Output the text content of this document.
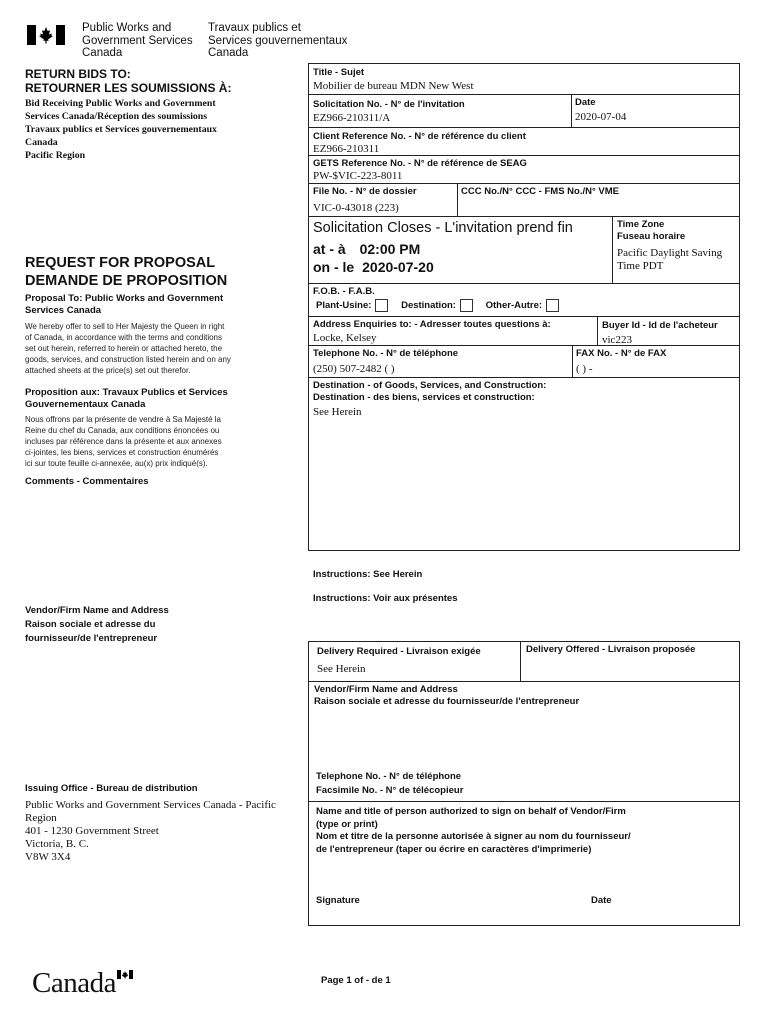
Public Works and
Government Services
Canada
Travaux publics et
Services gouvernementaux
Canada
RETURN BIDS TO:
RETOURNER LES SOUMISSIONS À:
Bid Receiving Public Works and Government
Services Canada/Réception des soumissions
Travaux publics et Services gouvernementaux
Canada
Pacific Region
REQUEST FOR PROPOSAL
DEMANDE DE PROPOSITION
Proposal To: Public Works and Government
Services Canada
We hereby offer to sell to Her Majesty the Queen in right
of Canada, in accordance with the terms and conditions
set out herein, referred to herein or attached hereto, the
goods, services, and construction listed herein and on any
attached sheets at the price(s) set out therefor.
Proposition aux: Travaux Publics et Services
Gouvernementaux Canada
Nous offrons par la présente de vendre à Sa Majesté la
Reine du chef du Canada, aux conditions énoncées ou
incluses par référence dans la présente et aux annexes
ci-jointes, les biens, services et construction énumérés
ici sur toute feuille ci-annexée, au(x) prix indiqué(s).
Comments - Commentaires
Vendor/Firm Name and Address
Raison sociale et adresse du
fournisseur/de l'entrepreneur
Issuing Office - Bureau de distribution
Public Works and Government Services Canada - Pacific
Region
401 - 1230 Government Street
Victoria, B. C.
V8W 3X4
Title - Sujet
Mobilier de bureau MDN New West
Solicitation No. - N° de l'invitation
EZ966-210311/A
Date
2020-07-04
Client Reference No. - N° de référence du client
EZ966-210311
GETS Reference No. - N° de référence de SEAG
PW-$VIC-223-8011
File No. - N° de dossier
VIC-0-43018 (223)
CCC No./N° CCC - FMS No./N° VME
Solicitation Closes - L'invitation prend fin
at - à 02:00 PM
on - le 2020-07-20
Time Zone
Fuseau horaire
Pacific Daylight Saving
Time PDT
F.O.B. - F.A.B.
Plant-Usine:	Destination:	Other-Autre:
Address Enquiries to: - Adresser toutes questions à:
Locke, Kelsey
Buyer Id - Id de l'acheteur
vic223
Telephone No. - N° de téléphone
(250) 507-2482 ( )
FAX No. - N° de FAX
( ) -
Destination - of Goods, Services, and Construction:
Destination - des biens, services et construction:
See Herein
Instructions: See Herein
Instructions: Voir aux présentes
Delivery Required - Livraison exigée
See Herein
Delivery Offered - Livraison proposée
Vendor/Firm Name and Address
Raison sociale et adresse du fournisseur/de l'entrepreneur
Telephone No. - N° de téléphone
Facsimile No. - N° de télécopieur
Name and title of person authorized to sign on behalf of Vendor/Firm
(type or print)
Nom et titre de la personne autorisée à signer au nom du fournisseur/
de l'entrepreneur (taper ou écrire en caractères d'imprimerie)
Signature	Date
Canada	Page 1 of - de 1
